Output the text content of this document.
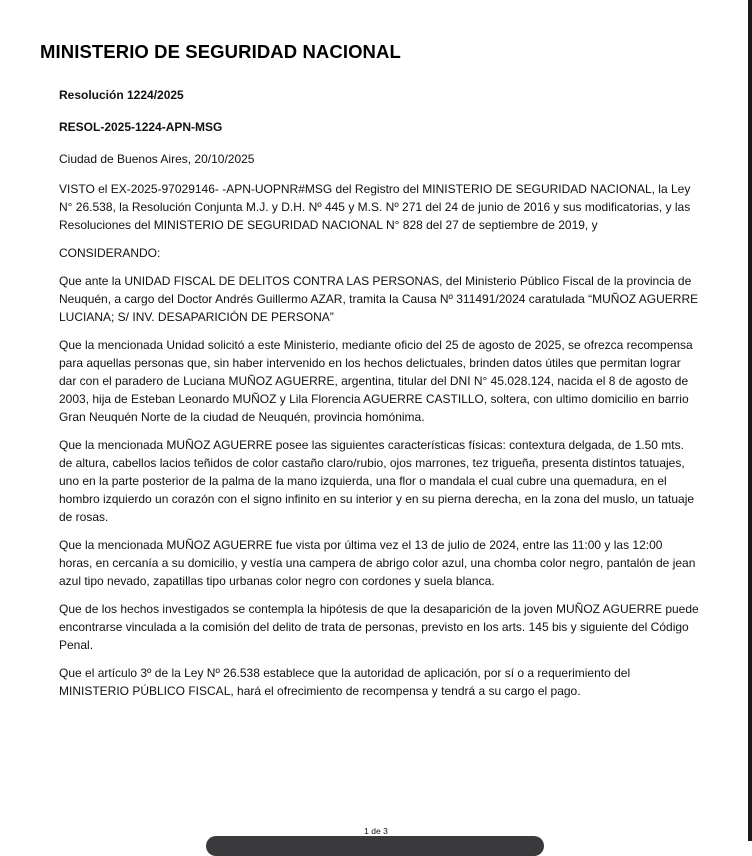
MINISTERIO DE SEGURIDAD NACIONAL

Resolución 1224/2025

RESOL-2025-1224-APN-MSG

Ciudad de Buenos Aires, 20/10/2025

VISTO el EX-2025-97029146- -APN-UOPNR#MSG del Registro del MINISTERIO DE SEGURIDAD NACIONAL, la Ley N° 26.538, la Resolución Conjunta M.J. y D.H. Nº 445 y M.S. Nº 271 del 24 de junio de 2016 y sus modificatorias, y las Resoluciones del MINISTERIO DE SEGURIDAD NACIONAL N° 828 del 27 de septiembre de 2019, y

CONSIDERANDO:

Que ante la UNIDAD FISCAL DE DELITOS CONTRA LAS PERSONAS, del Ministerio Público Fiscal de la provincia de Neuquén, a cargo del Doctor Andrés Guillermo AZAR, tramita la Causa Nº 311491/2024 caratulada “MUÑOZ AGUERRE LUCIANA; S/ INV. DESAPARICIÓN DE PERSONA”

Que la mencionada Unidad solicitó a este Ministerio, mediante oficio del 25 de agosto de 2025, se ofrezca recompensa para aquellas personas que, sin haber intervenido en los hechos delictuales, brinden datos útiles que permitan lograr dar con el paradero de Luciana MUÑOZ AGUERRE, argentina, titular del DNI N° 45.028.124, nacida el 8 de agosto de 2003, hija de Esteban Leonardo MUÑOZ y Lila Florencia AGUERRE CASTILLO, soltera, con ultimo domicilio en barrio Gran Neuquén Norte de la ciudad de Neuquén, provincia homónima.

Que la mencionada MUÑOZ AGUERRE posee las siguientes características físicas: contextura delgada, de 1.50 mts. de altura, cabellos lacios teñidos de color castaño claro/rubio, ojos marrones, tez trigueña, presenta distintos tatuajes, uno en la parte posterior de la palma de la mano izquierda, una flor o mandala el cual cubre una quemadura, en el hombro izquierdo un corazón con el signo infinito en su interior y en su pierna derecha, en la zona del muslo, un tatuaje de rosas.

Que la mencionada MUÑOZ AGUERRE fue vista por última vez el 13 de julio de 2024, entre las 11:00 y las 12:00 horas, en cercanía a su domicilio, y vestía una campera de abrigo color azul, una chomba color negro, pantalón de jean azul tipo nevado, zapatillas tipo urbanas color negro con cordones y suela blanca.

Que de los hechos investigados se contempla la hipótesis de que la desaparición de la joven MUÑOZ AGUERRE puede encontrarse vinculada a la comisión del delito de trata de personas, previsto en los arts. 145 bis y siguiente del Código Penal.

Que el artículo 3º de la Ley Nº 26.538 establece que la autoridad de aplicación, por sí o a requerimiento del MINISTERIO PÚBLICO FISCAL, hará el ofrecimiento de recompensa y tendrá a su cargo el pago.

1 de 3
